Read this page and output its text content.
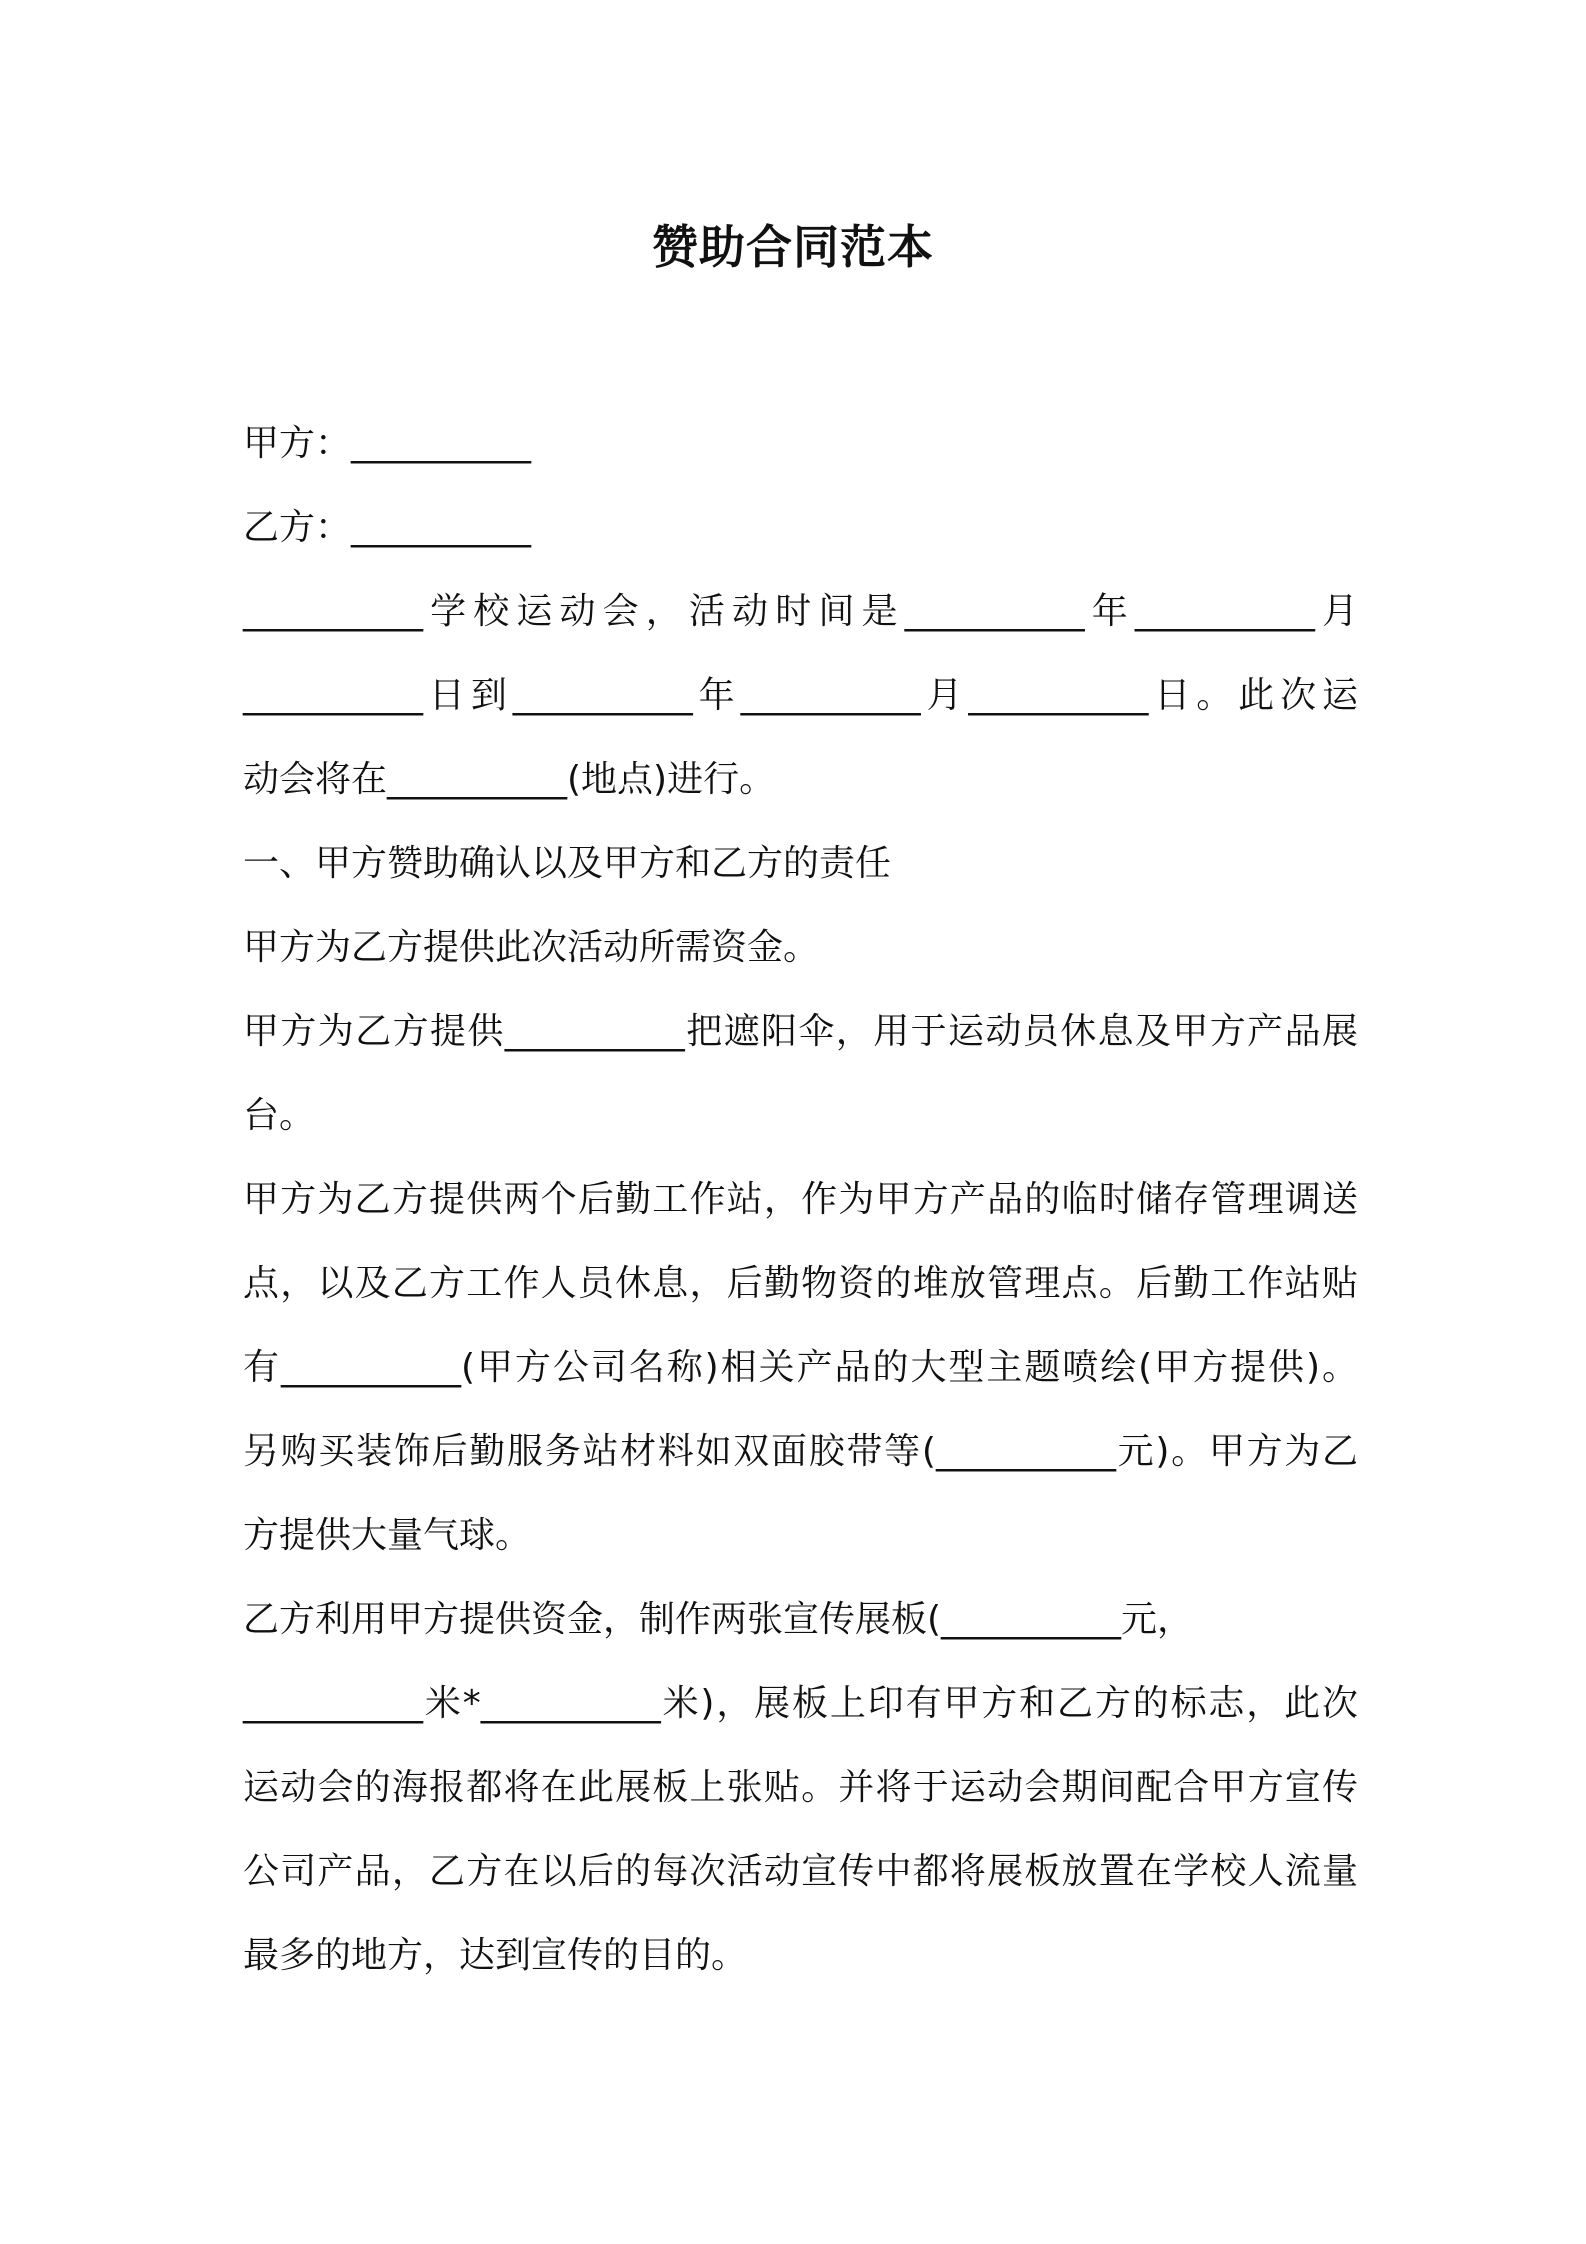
赞助合同范本
甲方：__________
乙方：__________
__________学校运动会，活动时间是__________年__________月
__________日到__________年__________月__________日。此次运
动会将在__________(地点)进行。
一、甲方赞助确认以及甲方和乙方的责任
甲方为乙方提供此次活动所需资金。
甲方为乙方提供__________把遮阳伞，用于运动员休息及甲方产品展
台。
甲方为乙方提供两个后勤工作站，作为甲方产品的临时储存管理调送
点，以及乙方工作人员休息，后勤物资的堆放管理点。后勤工作站贴
有__________(甲方公司名称)相关产品的大型主题喷绘(甲方提供)。
另购买装饰后勤服务站材料如双面胶带等(__________元)。甲方为乙
方提供大量气球。
乙方利用甲方提供资金，制作两张宣传展板(__________元，
__________米*__________米)，展板上印有甲方和乙方的标志，此次
运动会的海报都将在此展板上张贴。并将于运动会期间配合甲方宣传
公司产品，乙方在以后的每次活动宣传中都将展板放置在学校人流量
最多的地方，达到宣传的目的。
